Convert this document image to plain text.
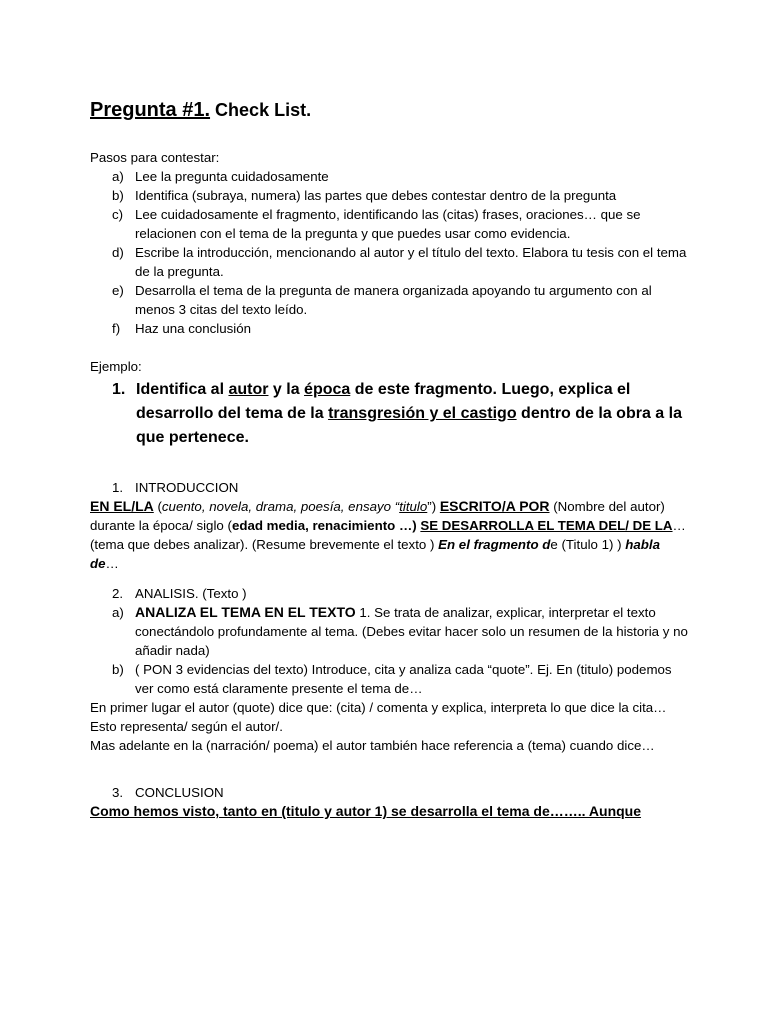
Pregunta #1. Check List.
Pasos para contestar:
a) Lee la pregunta cuidadosamente
b) Identifica (subraya, numera) las partes que debes contestar dentro de la pregunta
c) Lee cuidadosamente el fragmento, identificando las (citas) frases, oraciones… que se relacionen con el tema de la pregunta y que puedes usar como evidencia.
d) Escribe la introducción, mencionando al autor y el título del texto. Elabora tu tesis con el tema de la pregunta.
e) Desarrolla el tema de la pregunta de manera organizada apoyando tu argumento con al menos 3 citas del texto leído.
f) Haz una conclusión
Ejemplo:
1. Identifica al autor y la época de este fragmento. Luego, explica el desarrollo del tema de la transgresión y el castigo dentro de la obra a la que pertenece.
1. INTRODUCCION
EN EL/LA (cuento, novela, drama, poesía, ensayo “titulo”) ESCRITO/A POR (Nombre del autor) durante la época/ siglo (edad media, renacimiento …) SE DESARROLLA EL TEMA DEL/ DE LA… (tema que debes analizar). (Resume brevemente el texto ) En el fragmento de (Titulo 1) ) habla de…
2. ANALISIS. (Texto )
a) ANALIZA EL TEMA EN EL TEXTO 1. Se trata de analizar, explicar, interpretar el texto conectándolo profundamente al tema. (Debes evitar hacer solo un resumen de la historia y no añadir nada)
b) ( PON 3 evidencias del texto) Introduce, cita y analiza cada “quote”. Ej. En (titulo) podemos ver como está claramente presente el tema de…
En primer lugar el autor (quote) dice que: (cita) / comenta y explica, interpreta lo que dice la cita… Esto representa/ según el autor/.
Mas adelante en la (narración/ poema) el autor también hace referencia a (tema) cuando dice…
3. CONCLUSION
Como hemos visto, tanto en (titulo y autor 1) se desarrolla el tema de…….. Aunque
